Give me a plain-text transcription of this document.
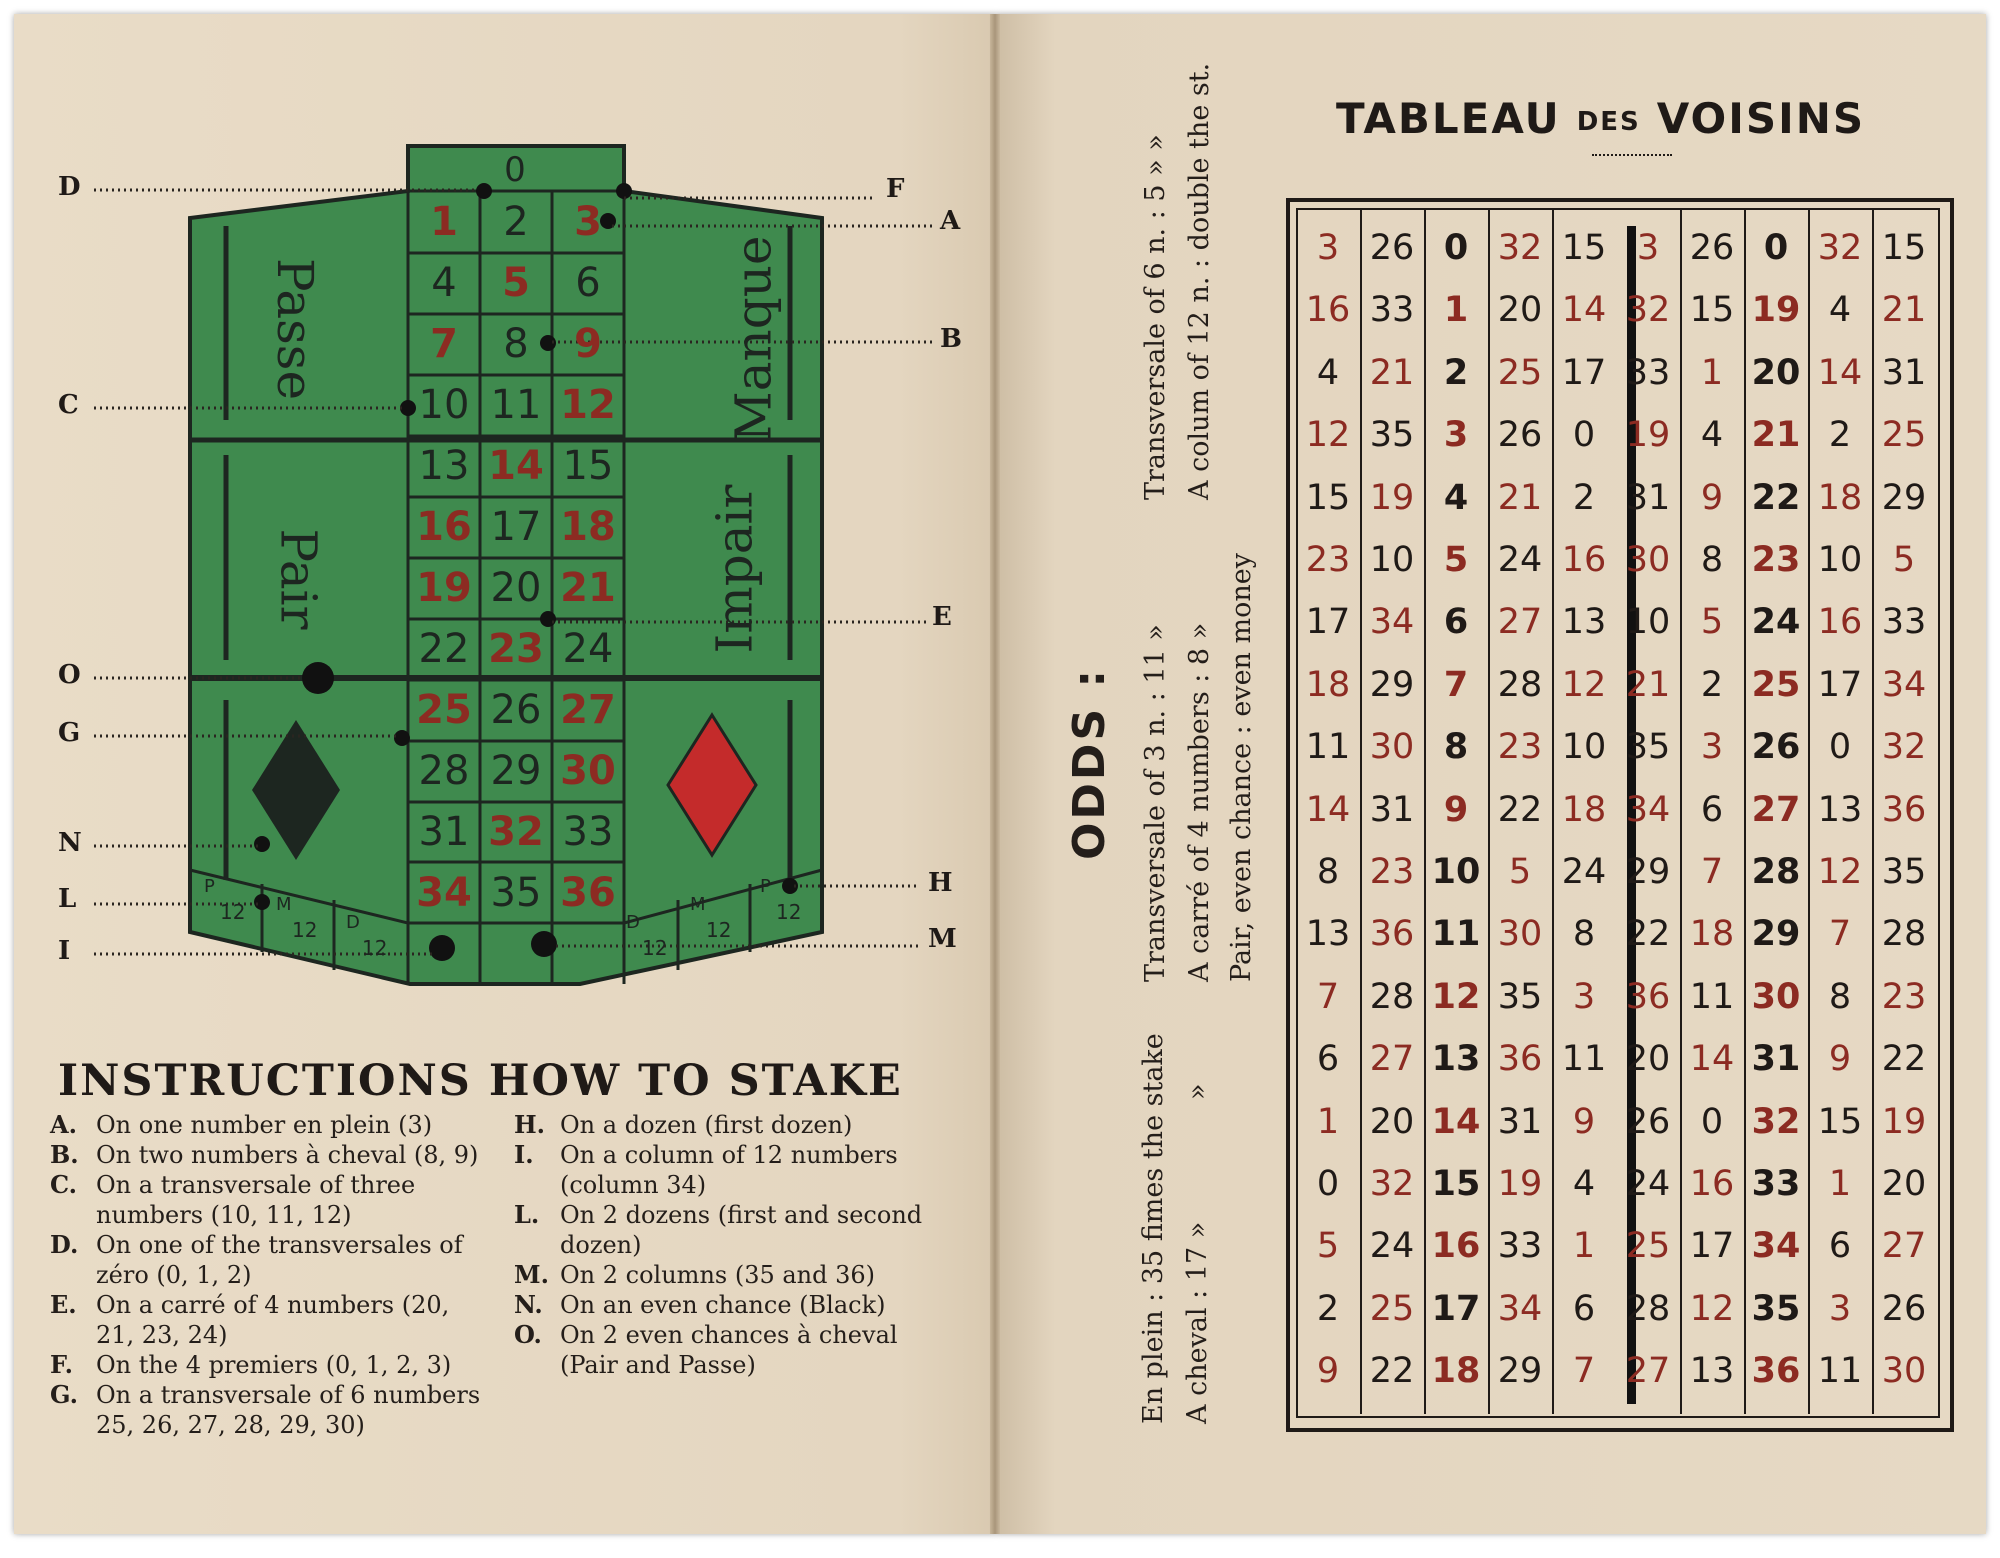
0
1	2	3
4	5	6
7	8	9
10 11 12
13 14 15
16 17 18
19 20 21
22 23 24
25 26 27
28 29 30
31 32 33
34 35 36
Passe
Pair
Manque
Impair
P
12 M
12 D
12
D
12
M
12
P
12
D
C
O
G
N
L
I
F
A
B
E
H
M
INSTRUCTIONS HOW TO STAKE
A. On one number en plein (3)
B. On two numbers à cheval (8, 9)
C. On a transversale of three numbers (10, 11, 12)
D. On one of the transversales of zéro (0, 1, 2)
E. On a carré of 4 numbers (20, 21, 23, 24)
F. On the 4 premiers (0, 1, 2, 3)
G. On a transversale of 6 numbers 25, 26, 27, 28, 29, 30)
H. On a dozen (first dozen)
I. On a column of 12 numbers (column 34)
L. On 2 dozens (first and second dozen)
M. On 2 columns (35 and 36)
N. On an even chance (Black)
O. On 2 even chances à cheval (Pair and Passe)
ODDS :
En plein : 35 fimes the stake A cheval : 17 »
»
Transversale of 3 n. : 11 » A carré of 4 numbers : 8 » Pair, even chance : even money
Transversale of 6 n. : 5 » » A colum of 12 n. : double the st.	TABLEAU DES VOISINS
3 26 0 32 15 3 26 0 32 15
16 33 1 20 14 32 15 19 4 21
4 21 2 25 17 33 1 20 14 31
12 35 3 26 0 19 4 21 2 25
15 19 4 21 2 31 9 22 18 29
23 10 5 24 16 30 8 23 10 5
17 34 6 27 13 10 5 24 16 33
18 29 7 28 12 21 2 25 17 34
11 30 8 23 10 35 3 26 0 32
14 31 9 22 18 34 6 27 13 36
8 23 10 5 24 29 7 28 12 35
13 36 11 30 8 22 18 29 7 28
7 28 12 35 3 36 11 30 8 23
6 27 13 36 11 20 14 31 9 22
1 20 14 31 9 26 0 32 15 19
0 32 15 19 4 24 16 33 1 20
5 24 16 33 1 25 17 34 6 27
2 25 17 34 6 28 12 35 3 26
9 22 18 29 7 27 13 36 11 30
